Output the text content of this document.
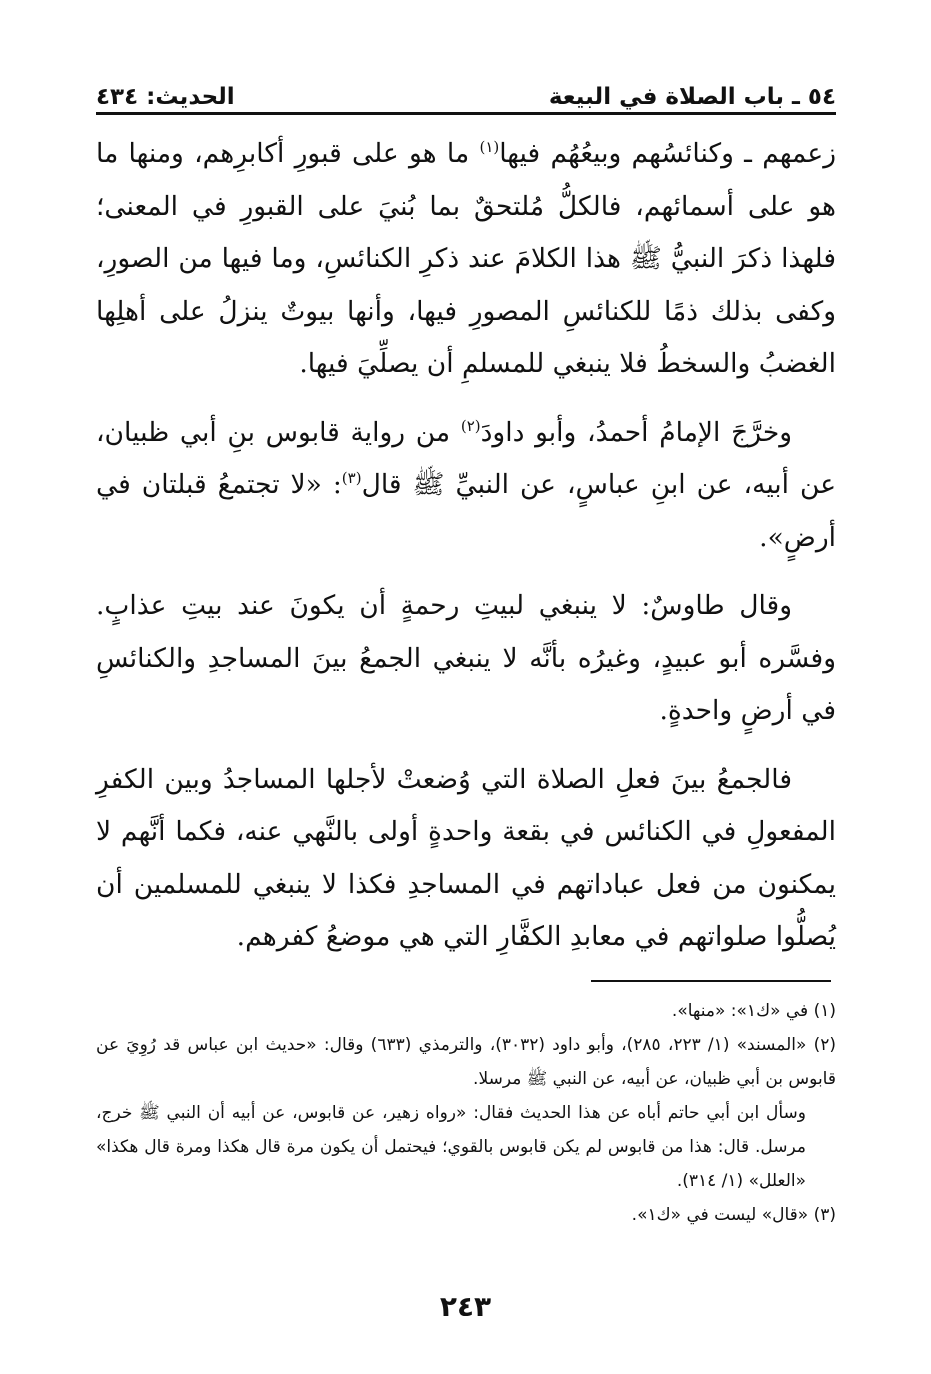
٥٤ ـ باب الصلاة في البيعة
الحديث: ٤٣٤

زعمهم ـ وكنائسُهم وبيعُهُم فيها$^{(١)}$ ما هو على قبورِ أكابرِهم، ومنها ما هو على أسمائهم، فالكلُّ مُلتحقٌ بما بُنيَ على القبورِ في المعنى؛ فلهذا ذكرَ النبيُّ ﷺ هذا الكلامَ عند ذكرِ الكنائسِ، وما فيها من الصورِ، وكفى بذلك ذمًا للكنائسِ المصورِ فيها، وأنها بيوتٌ ينزلُ على أهلِها الغضبُ والسخطُ فلا ينبغي للمسلمِ أن يصلِّيَ فيها.

وخرَّجَ الإمامُ أحمدُ، وأبو داودَ$^{(٢)}$ من رواية قابوس بنِ أبي ظبيان، عن أبيه، عن ابنِ عباسٍ، عن النبيِّ ﷺ قال$^{(٣)}$: «لا تجتمعُ قبلتان في أرضٍ».

وقال طاوسٌ: لا ينبغي لبيتِ رحمةٍ أن يكونَ عند بيتِ عذابٍ. وفسَّره أبو عبيدٍ، وغيرُه بأنَّه لا ينبغي الجمعُ بينَ المساجدِ والكنائسِ في أرضٍ واحدةٍ.

فالجمعُ بينَ فعلِ الصلاة التي وُضعتْ لأجلها المساجدُ وبين الكفرِ المفعولِ في الكنائس في بقعة واحدةٍ أولى بالنَّهي عنه، فكما أنَّهم لا يمكنون من فعل عباداتهم في المساجدِ فكذا لا ينبغي للمسلمين أن يُصلُّوا صلواتهم في معابدِ الكفَّارِ التي هي موضعُ كفرهم.

(١) في «ك١»: «منها».

(٢) «المسند» (١/ ٢٢٣، ٢٨٥)، وأبو داود (٣٠٣٢)، والترمذي (٦٣٣) وقال: «حديث ابن عباس قد رُوِيَ عن قابوس بن أبي ظبيان، عن أبيه، عن النبي ﷺ مرسلا.

وسأل ابن أبي حاتم أباه عن هذا الحديث فقال: «رواه زهير، عن قابوس، عن أبيه أن النبي ﷺ خرج، مرسل. قال: هذا من قابوس لم يكن قابوس بالقوي؛ فيحتمل أن يكون مرة قال هكذا ومرة قال هكذا» «العلل» (١/ ٣١٤).

(٣) «قال» ليست في «ك١».

٢٤٣
